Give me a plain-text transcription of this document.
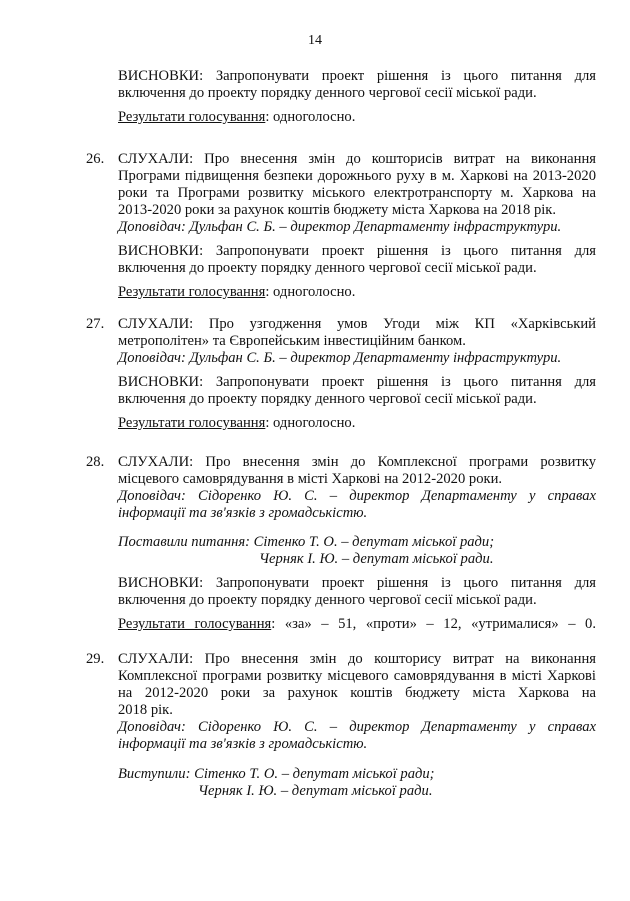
14
ВИСНОВКИ: Запропонувати проект рішення із цього питання для
включення до проекту порядку денного чергової сесії міської ради.
Результати голосування: одноголосно.
26. СЛУХАЛИ: Про внесення змін до кошторисів витрат на виконання
Програми підвищення безпеки дорожнього руху в м. Харкові на 2013-2020
роки та Програми розвитку міського електротранспорту м. Харкова на
2013-2020 роки за рахунок коштів бюджету міста Харкова на 2018 рік.
Доповідач: Дульфан С. Б. – директор Департаменту інфраструктури.
ВИСНОВКИ: Запропонувати проект рішення із цього питання для
включення до проекту порядку денного чергової сесії міської ради.
Результати голосування: одноголосно.
27. СЛУХАЛИ: Про узгодження умов Угоди між КП «Харківський
метрополітен» та Європейським інвестиційним банком.
Доповідач: Дульфан С. Б. – директор Департаменту інфраструктури.
ВИСНОВКИ: Запропонувати проект рішення із цього питання для
включення до проекту порядку денного чергової сесії міської ради.
Результати голосування: одноголосно.
28. СЛУХАЛИ: Про внесення змін до Комплексної програми розвитку
місцевого самоврядування в місті Харкові на 2012-2020 роки.
Доповідач: Сідоренко Ю. С. – директор Департаменту у справах
інформації та зв'язків з громадськістю.
Поставили питання: Сітенко Т. О. – депутат міської ради;
Черняк І. Ю. – депутат міської ради.
ВИСНОВКИ: Запропонувати проект рішення із цього питання для
включення до проекту порядку денного чергової сесії міської ради.
Результати голосування: «за» – 51, «проти» – 12, «утрималися» – 0.
29. СЛУХАЛИ: Про внесення змін до кошторису витрат на виконання
Комплексної програми розвитку місцевого самоврядування в місті Харкові
на 2012-2020 роки за рахунок коштів бюджету міста Харкова на
2018 рік.
Доповідач: Сідоренко Ю. С. – директор Департаменту у справах
інформації та зв'язків з громадськістю.
Виступили: Сітенко Т. О. – депутат міської ради;
Черняк І. Ю. – депутат міської ради.
